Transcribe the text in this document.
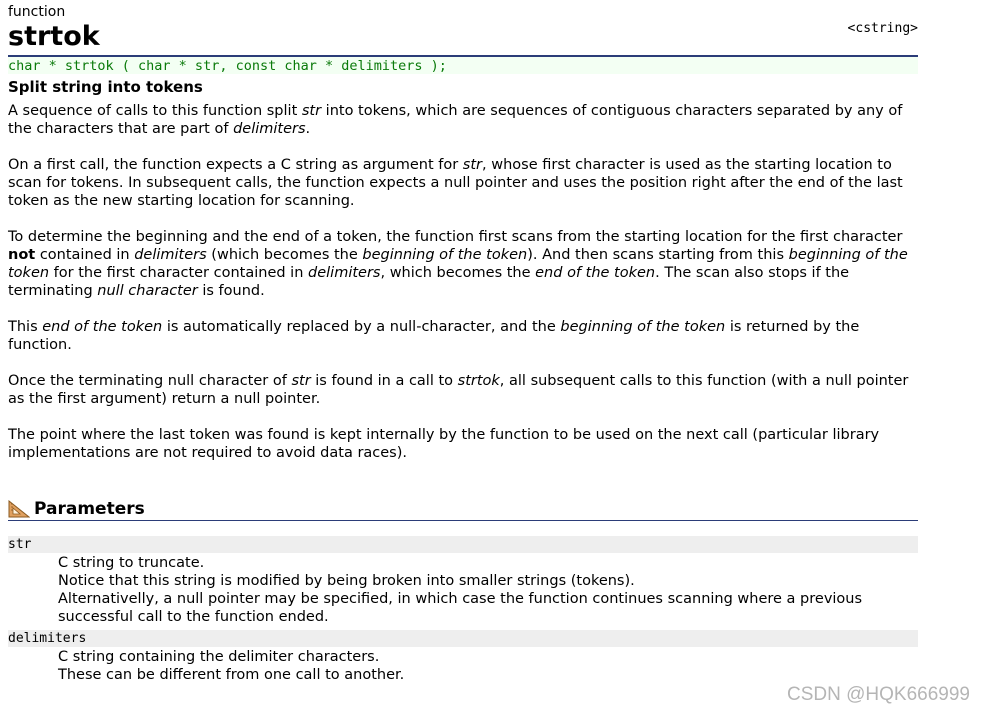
function
strtok	<cstring>
char * strtok ( char * str, const char * delimiters );
Split string into tokens
A sequence of calls to this function split str into tokens, which are sequences of contiguous characters separated by any of the characters that are part of delimiters.
On a first call, the function expects a C string as argument for str, whose first character is used as the starting location to scan for tokens. In subsequent calls, the function expects a null pointer and uses the position right after the end of the last token as the new starting location for scanning.
To determine the beginning and the end of a token, the function first scans from the starting location for the first character not contained in delimiters (which becomes the beginning of the token). And then scans starting from this beginning of the token for the first character contained in delimiters, which becomes the end of the token. The scan also stops if the terminating null character is found.
This end of the token is automatically replaced by a null-character, and the beginning of the token is returned by the function.
Once the terminating null character of str is found in a call to strtok, all subsequent calls to this function (with a null pointer as the first argument) return a null pointer.
The point where the last token was found is kept internally by the function to be used on the next call (particular library implementations are not required to avoid data races).
Parameters
str
C string to truncate.
Notice that this string is modified by being broken into smaller strings (tokens).
Alternativelly, a null pointer may be specified, in which case the function continues scanning where a previous successful call to the function ended.
delimiters
C string containing the delimiter characters.
These can be different from one call to another.
CSDN @HQK666999
